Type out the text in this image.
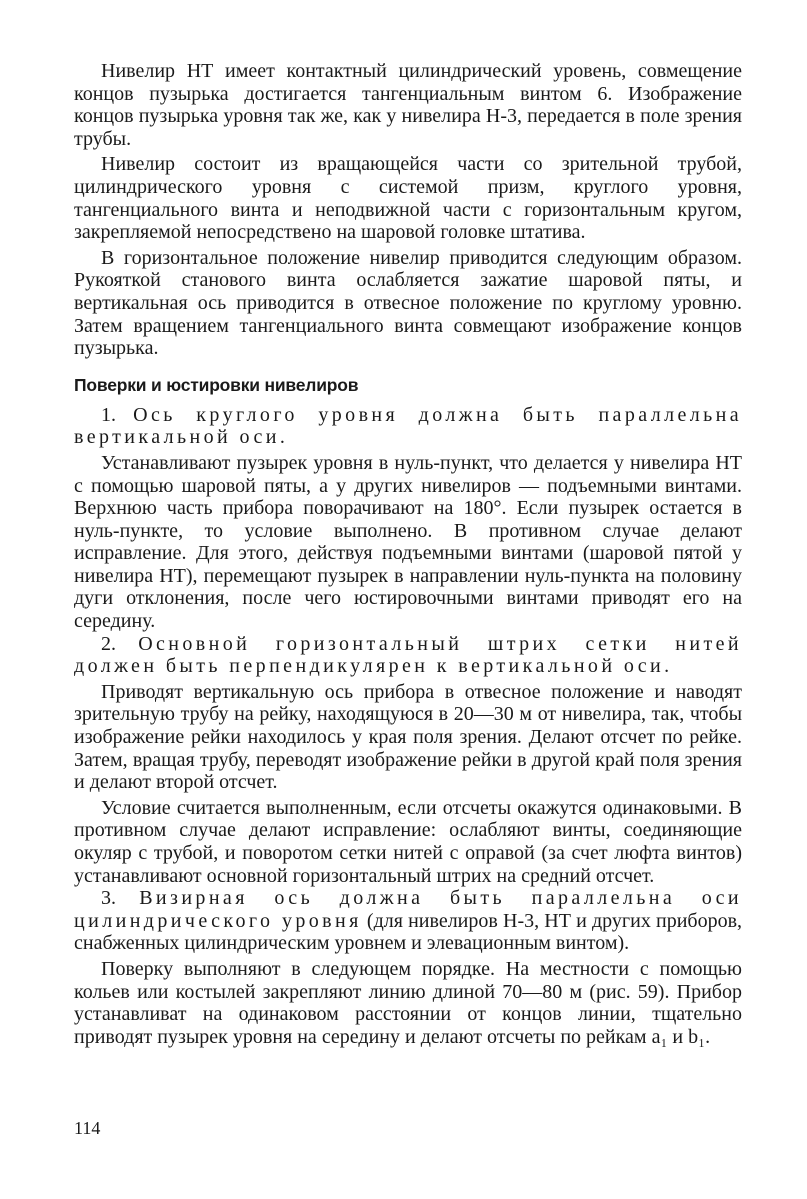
Нивелир НТ имеет контактный цилиндрический уровень, совмещение концов пузырька достигается тангенциальным винтом 6. Изображение концов пузырька уровня так же, как у нивелира Н-3, передается в поле зрения трубы.

Нивелир состоит из вращающейся части со зрительной трубой, цилиндрического уровня с системой призм, круглого уровня, тангенциального винта и неподвижной части с горизонтальным кругом, закрепляемой непосредствено на шаровой головке штатива.

В горизонтальное положение нивелир приводится следующим образом. Рукояткой станового винта ослабляется зажатие шаровой пяты, и вертикальная ось приводится в отвесное положение по круглому уровню. Затем вращением тангенциального винта совмещают изображение концов пузырька.

Поверки и юстировки нивелиров

1. Ось круглого уровня должна быть параллельна вертикальной оси.

Устанавливают пузырек уровня в нуль-пункт, что делается у нивелира НТ с помощью шаровой пяты, а у других нивелиров — подъемными винтами. Верхнюю часть прибора поворачивают на 180°. Если пузырек остается в нуль-пункте, то условие выполнено. В противном случае делают исправление. Для этого, действуя подъемными винтами (шаровой пятой у нивелира НТ), перемещают пузырек в направлении нуль-пункта на половину дуги отклонения, после чего юстировочными винтами приводят его на середину.

2. Основной горизонтальный штрих сетки нитей должен быть перпендикулярен к вертикальной оси.

Приводят вертикальную ось прибора в отвесное положение и наводят зрительную трубу на рейку, находящуюся в 20—30 м от нивелира, так, чтобы изображение рейки находилось у края поля зрения. Делают отсчет по рейке. Затем, вращая трубу, переводят изображение рейки в другой край поля зрения и делают второй отсчет.

Условие считается выполненным, если отсчеты окажутся одинаковыми. В противном случае делают исправление: ослабляют винты, соединяющие окуляр с трубой, и поворотом сетки нитей с оправой (за счет люфта винтов) устанавливают основной горизонтальный штрих на средний отсчет.

3. Визирная ось должна быть параллельна оси цилиндрического уровня (для нивелиров Н-3, НТ и других приборов, снабженных цилиндрическим уровнем и элевационным винтом).

Поверку выполняют в следующем порядке. На местности с помощью кольев или костылей закрепляют линию длиной 70—80 м (рис. 59). Прибор устанавливат на одинаковом расстоянии от концов линии, тщательно приводят пузырек уровня на середину и делают отсчеты по рейкам a₁ и b₁.

114
